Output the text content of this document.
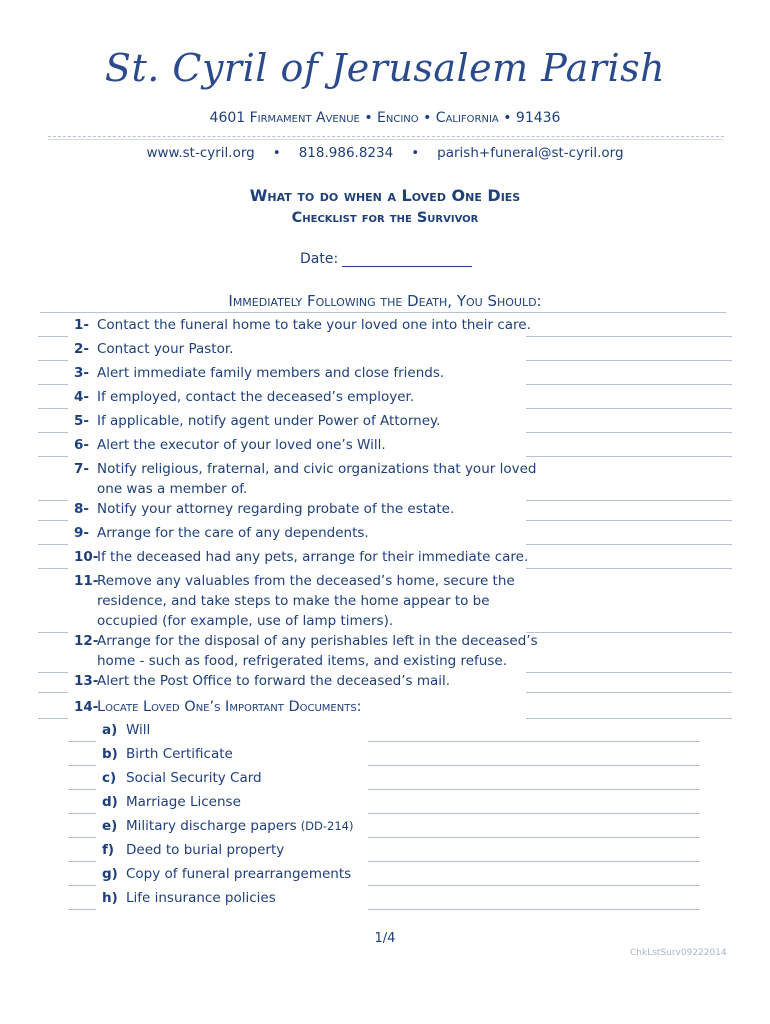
St. Cyril of Jerusalem Parish
4601 Firmament Avenue • Encino • California • 91436
www.st-cyril.org • 818.986.8234 • parish+funeral@st-cyril.org
What to do when a Loved One Dies
Checklist for the Survivor
Date:
Immediately Following the Death, You Should:
1- Contact the funeral home to take your loved one into their care.
2- Contact your Pastor.
3- Alert immediate family members and close friends.
4- If employed, contact the deceased’s employer.
5- If applicable, notify agent under Power of Attorney.
6- Alert the executor of your loved one’s Will.
7- Notify religious, fraternal, and civic organizations that your loved
one was a member of.
8- Notify your attorney regarding probate of the estate.
9- Arrange for the care of any dependents.
10-
If the deceased had any pets, arrange for their immediate care.
11-
Remove any valuables from the deceased’s home, secure the
residence, and take steps to make the home appear to be
occupied (for example, use of lamp timers).
12-
Arrange for the disposal of any perishables left in the deceased’s
home - such as food, refrigerated items, and existing refuse.
13-
Alert the Post Office to forward the deceased’s mail.
14-
Locate Loved One’s Important Documents:
a) Will
b) Birth Certificate
c) Social Security Card
d) Marriage License
e) Military discharge papers (DD-214)
f) Deed to burial property
g) Copy of funeral prearrangements
h) Life insurance policies
1/4
ChkLstSurv09222014
